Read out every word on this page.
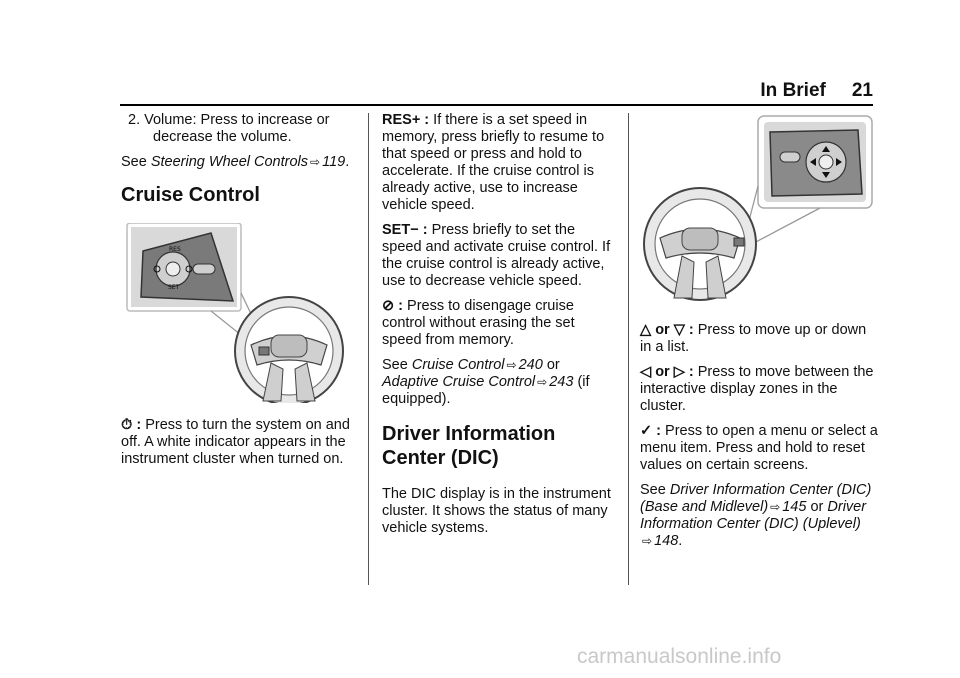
In Brief 21
2. Volume: Press to increase or decrease the volume.

See Steering Wheel Controls ⇨ 119.

Cruise Control
RES
SET

⏱ : Press to turn the system on and off. A white indicator appears in the instrument cluster when turned on.

RES+ : If there is a set speed in memory, press briefly to resume to that speed or press and hold to accelerate. If the cruise control is already active, use to increase vehicle speed.

SET− : Press briefly to set the speed and activate cruise control. If the cruise control is already active, use to decrease vehicle speed.

⊘ : Press to disengage cruise control without erasing the set speed from memory.

See Cruise Control ⇨ 240 or Adaptive Cruise Control ⇨ 243 (if equipped).

Driver Information Center (DIC)

The DIC display is in the instrument cluster. It shows the status of many vehicle systems.

△ or ▽ : Press to move up or down in a list.

◁ or ▷ : Press to move between the interactive display zones in the cluster.

✓ : Press to open a menu or select a menu item. Press and hold to reset values on certain screens.

See Driver Information Center (DIC) (Base and Midlevel) ⇨ 145 or Driver Information Center (DIC) (Uplevel) ⇨ 148.

carmanualsonline.info
